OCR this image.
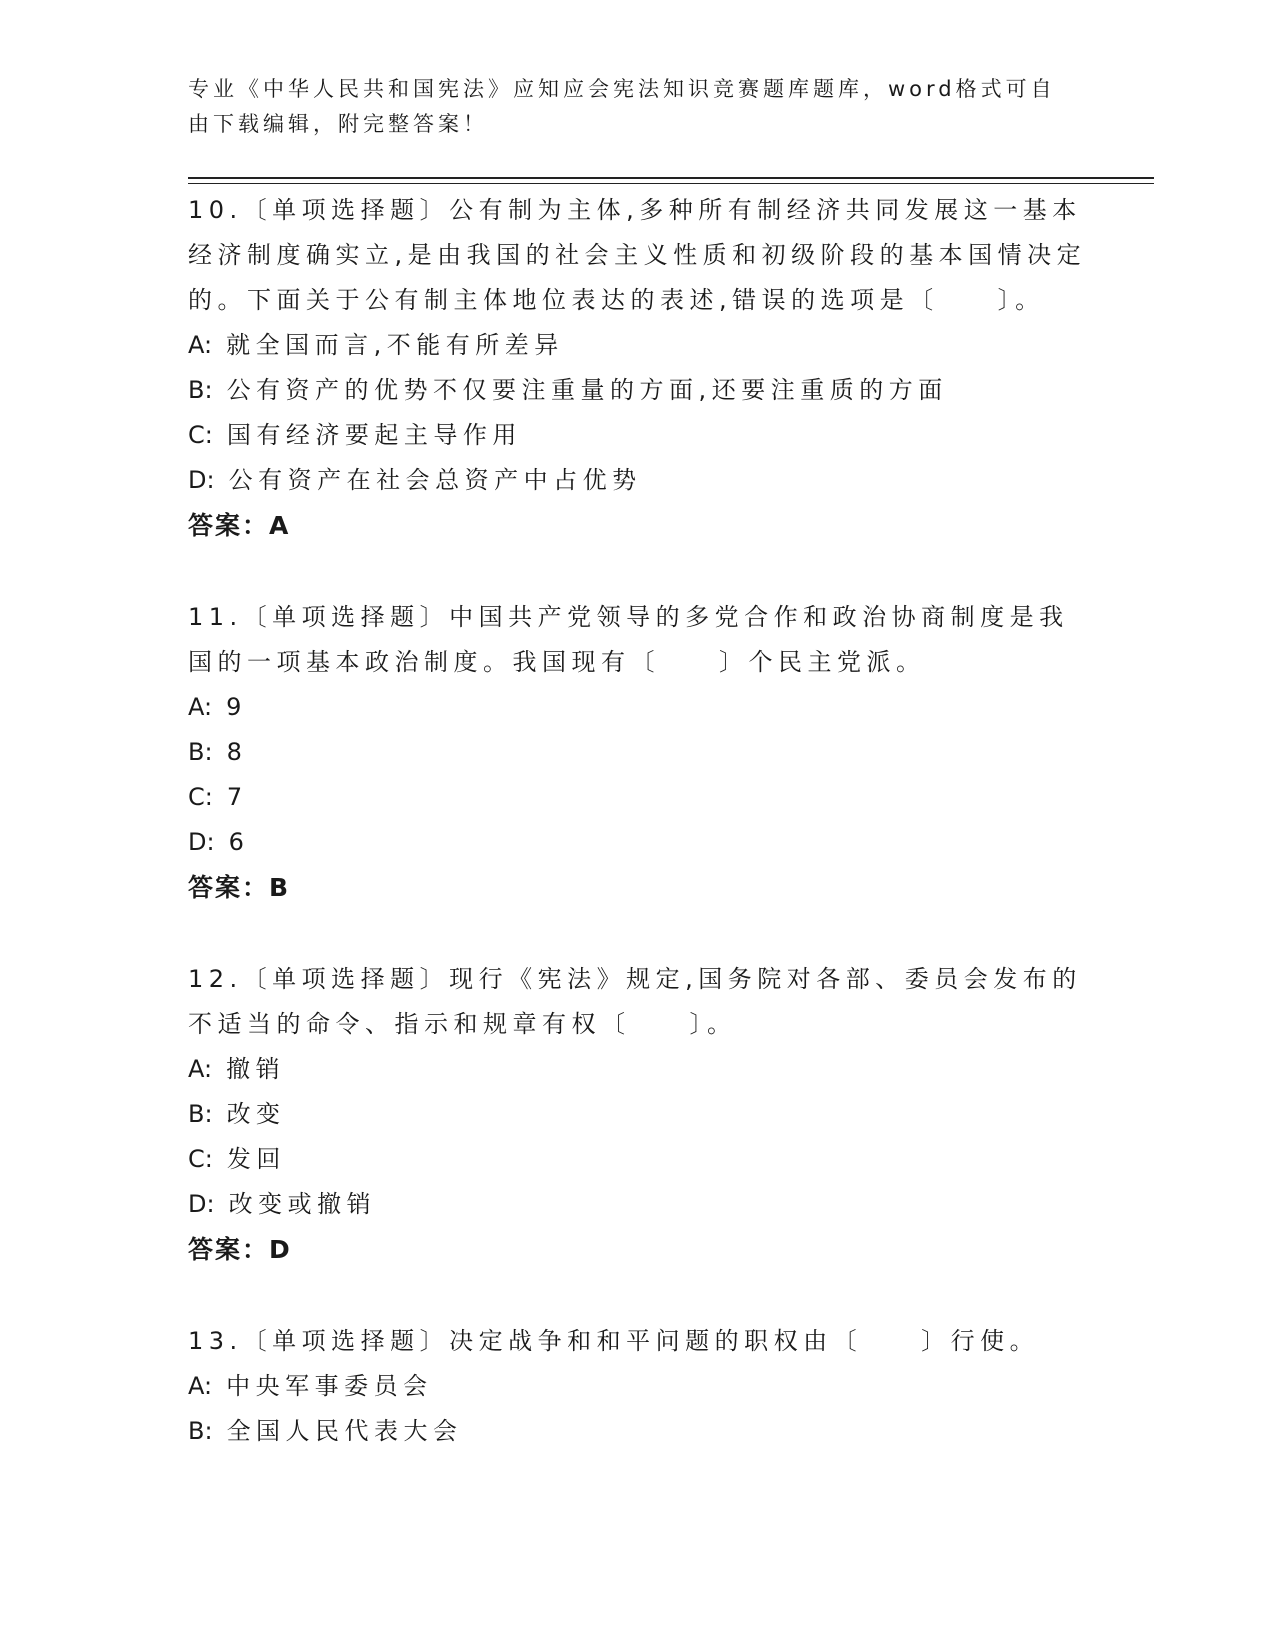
专业《中华人民共和国宪法》应知应会宪法知识竞赛题库题库，word格式可自由下载编辑，附完整答案！

10.〔单项选择题〕公有制为主体,多种所有制经济共同发展这一基本经济制度确实立,是由我国的社会主义性质和初级阶段的基本国情决定的。下面关于公有制主体地位表达的表述,错误的选项是〔　　〕。

A: 就全国而言,不能有所差异

B: 公有资产的优势不仅要注重量的方面,还要注重质的方面

C: 国有经济要起主导作用

D: 公有资产在社会总资产中占优势

答案：A

11.〔单项选择题〕中国共产党领导的多党合作和政治协商制度是我国的一项基本政治制度。我国现有〔　　〕个民主党派。

A: 9

B: 8

C: 7

D: 6

答案：B

12.〔单项选择题〕现行《宪法》规定,国务院对各部、委员会发布的不适当的命令、指示和规章有权〔　　〕。

A: 撤销

B: 改变

C: 发回

D: 改变或撤销

答案：D

13.〔单项选择题〕决定战争和和平问题的职权由〔　　〕行使。

A: 中央军事委员会

B: 全国人民代表大会
